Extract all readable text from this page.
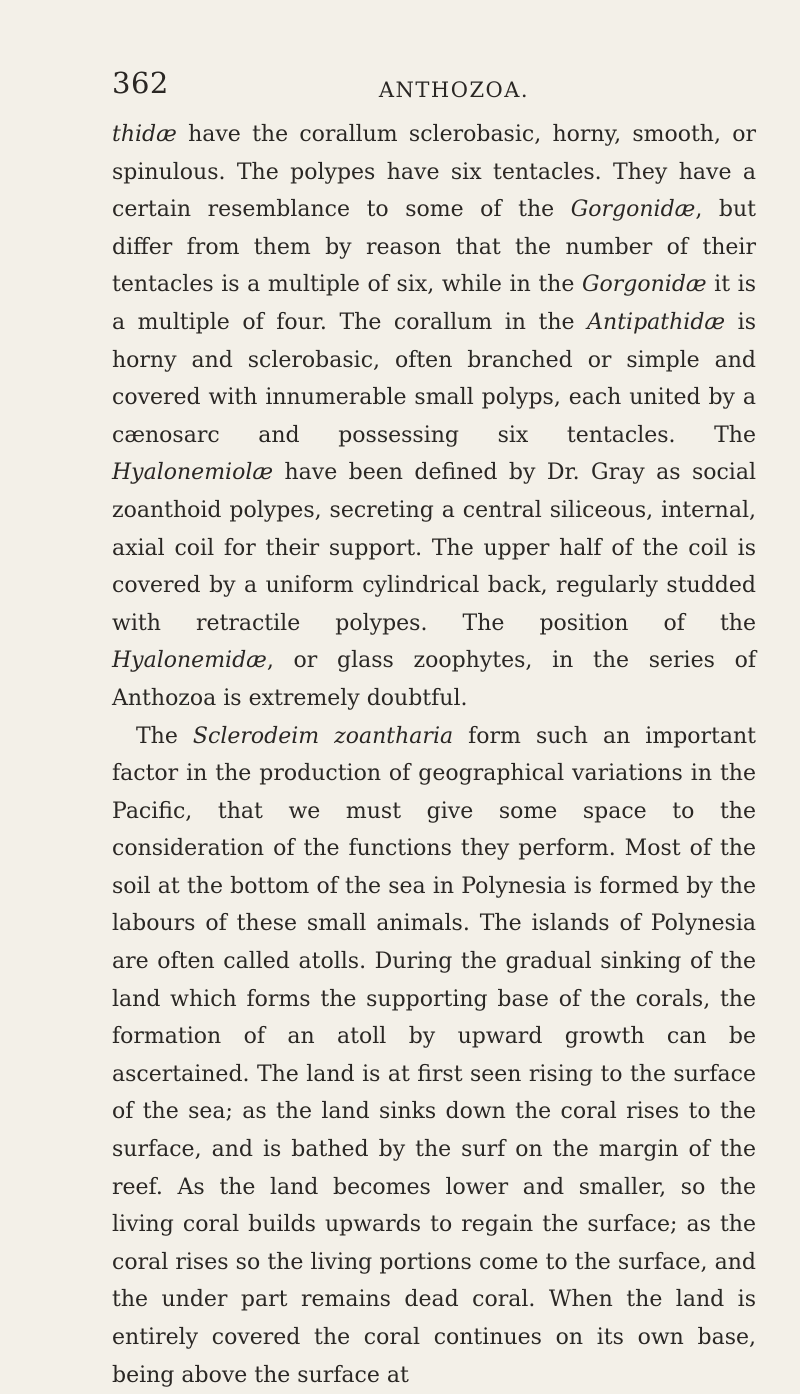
362	ANTHOZOA.

thidæ have the corallum sclerobasic, horny, smooth, or spinulous. The polypes have six tentacles. They have a certain resemblance to some of the Gorgonidæ, but differ from them by reason that the number of their tentacles is a multiple of six, while in the Gorgonidæ it is a multiple of four. The corallum in the Antipathidæ is horny and sclerobasic, often branched or simple and covered with innumerable small polyps, each united by a cænosarc and possessing six tentacles. The Hyalonemiolæ have been defined by Dr. Gray as social zoanthoid polypes, secreting a central siliceous, internal, axial coil for their support. The upper half of the coil is covered by a uniform cylindrical back, regularly studded with retractile polypes. The position of the Hyalonemidæ, or glass zoophytes, in the series of Anthozoa is extremely doubtful.

The Sclerodeim zoantharia form such an important factor in the production of geographical variations in the Pacific, that we must give some space to the consideration of the functions they perform. Most of the soil at the bottom of the sea in Polynesia is formed by the labours of these small animals. The islands of Polynesia are often called atolls. During the gradual sinking of the land which forms the supporting base of the corals, the formation of an atoll by upward growth can be ascertained. The land is at first seen rising to the surface of the sea; as the land sinks down the coral rises to the surface, and is bathed by the surf on the margin of the reef. As the land becomes lower and smaller, so the living coral builds upwards to regain the surface; as the coral rises so the living portions come to the surface, and the under part remains dead coral. When the land is entirely covered the coral continues on its own base, being above the surface at
